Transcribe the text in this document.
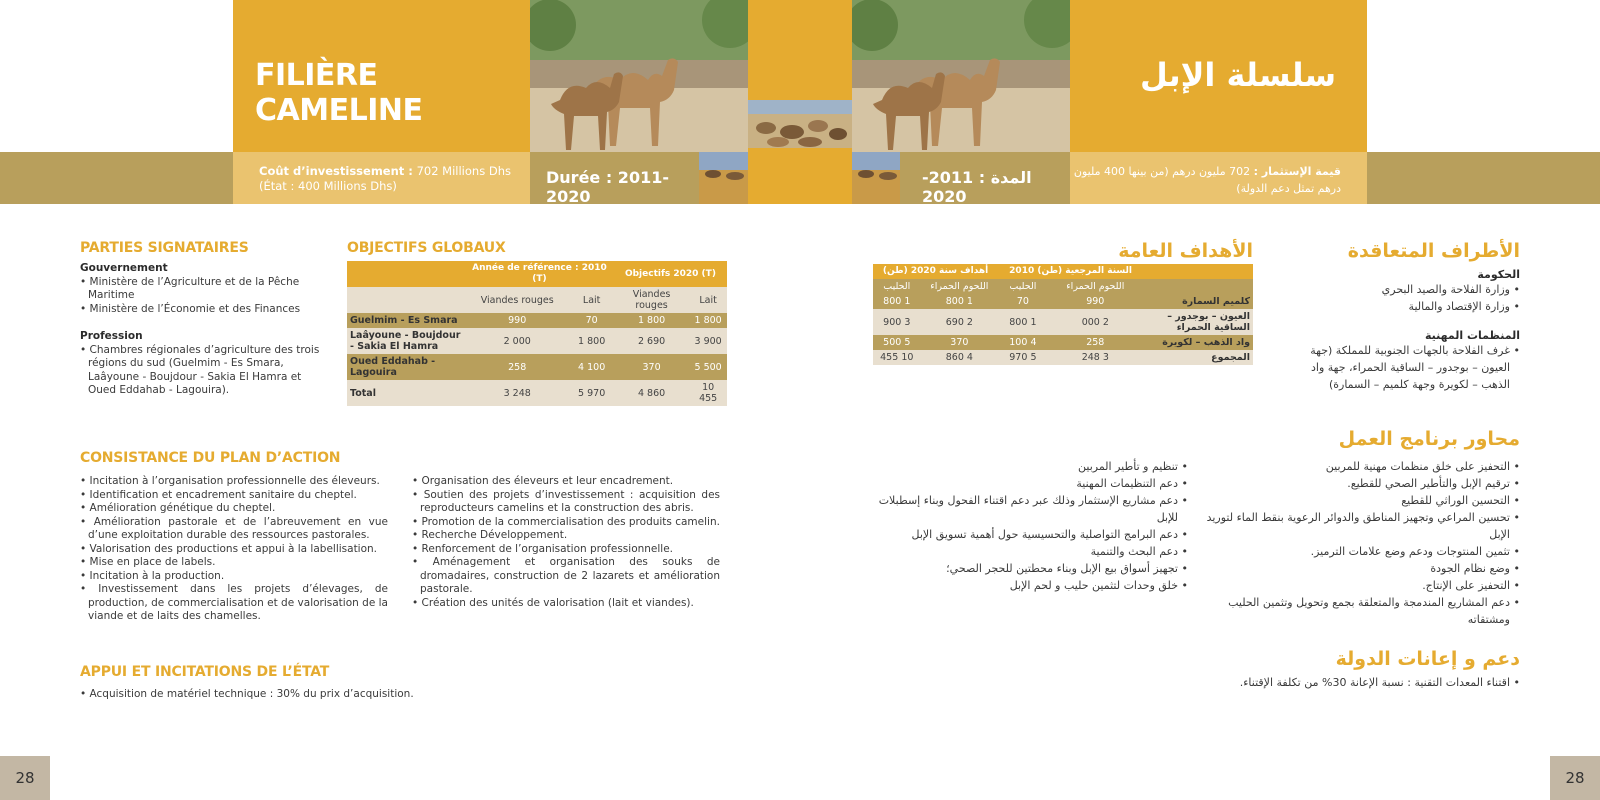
FILIÈRE CAMELINE
سلسلة الإبل
Coût d’investissement : 702 Millions Dhs
(État : 400 Millions Dhs)	Durée : 2011-2020
المدة : 2011-2020
قيمة الإستثمار : 702 مليون درهم (من بينها 400 مليون
درهم تمثل دعم الدولة)
PARTIES SIGNATAIRES
Gouvernement
• Ministère de l’Agriculture et de la Pêche Maritime
• Ministère de l’Économie et des Finances
Profession
• Chambres régionales d’agriculture des trois régions du sud (Guelmim - Es Smara, Laâyoune - Boujdour - Sakia El Hamra et Oued Eddahab - Lagouira).
OBJECTIFS GLOBAUX
	Année de référence : 2010 (T)		Objectifs 2020 (T)	
	Viandes rouges	Lait	Viandes rouges	Lait
Guelmim - Es Smara	990	70	1 800	1 800
Laâyoune - Boujdour - Sakia El Hamra	2 000	1 800	2 690	3 900
Oued Eddahab - Lagouira	258	4 100	370	5 500
Total	3 248	5 970	4 860	10 455
الأهداف العامة
	السنة المرجعية (طن) 2010		أهداف سنة 2020 (طن)	
	اللحوم الحمراء	الحليب	اللحوم الحمراء	الحليب
كلميم السمارة	990	70	1 800	1 800
العيون – بوجدور – الساقية الحمراء	2 000	1 800	2 690	3 900
واد الذهب – لكويرة	258	4 100	370	5 500
المجموع	3 248	5 970	4 860	10 455
الأطراف المتعاقدة
الحكومة
• وزارة الفلاحة والصيد البحري
• وزارة الإقتصاد والمالية
المنظمات المهنية
• غرف الفلاحة بالجهات الجنوبية للمملكة (جهة العيون – بوجدور – الساقية الحمراء، جهة واد الذهب – لكويرة وجهة كلميم – السمارة)
CONSISTANCE DU PLAN D’ACTION
• Incitation à l’organisation professionnelle des éleveurs.
• Identification et encadrement sanitaire du cheptel.
• Amélioration génétique du cheptel.
• Amélioration pastorale et de l’abreuvement en vue d’une exploitation durable des ressources pastorales.
• Valorisation des productions et appui à la labellisation.
• Mise en place de labels.
• Incitation à la production.
• Investissement dans les projets d’élevages, de production, de commercialisation et de valorisation de la viande et de laits des chamelles.
• Organisation des éleveurs et leur encadrement.
• Soutien des projets d’investissement : acquisition des reproducteurs camelins et la construction des abris.
• Promotion de la commercialisation des produits camelin.
• Recherche Développement.
• Renforcement de l’organisation professionnelle.
• Aménagement et organisation des souks de dromadaires, construction de 2 lazarets et amélioration pastorale.
• Création des unités de valorisation (lait et viandes).
محاور برنامج العمل
• التحفيز على خلق منظمات مهنية للمربين
• ترقيم الإبل والتأطير الصحي للقطيع.
• التحسين الوراثي للقطيع
• تحسين المراعي وتجهيز المناطق والدوائر الرعوية بنقط الماء لتوريد الإبل
• تثمين المنتوجات ودعم وضع علامات الترميز.
• وضع نظام الجودة
• التحفيز على الإنتاج.
• دعم المشاريع المندمجة والمتعلقة بجمع وتحويل وتثمين الحليب ومشتقاته
• تنظيم و تأطير المربين
• دعم التنظيمات المهنية
• دعم مشاريع الإستثمار وذلك عبر دعم اقتناء الفحول وبناء إسطبلات للإبل
• دعم البرامج التواصلية والتحسيسية حول أهمية تسويق الإبل
• دعم البحث والتنمية
• تجهيز أسواق بيع الإبل وبناء محطتين للحجر الصحي؛
• خلق وحدات لتثمين حليب و لحم الإبل
APPUI ET INCITATIONS DE L’ÉTAT
• Acquisition de matériel technique : 30% du prix d’acquisition.
دعم و إعانات الدولة
• اقتناء المعدات التقنية : نسبة الإعانة 30% من تكلفة الإقتناء.
28	28
